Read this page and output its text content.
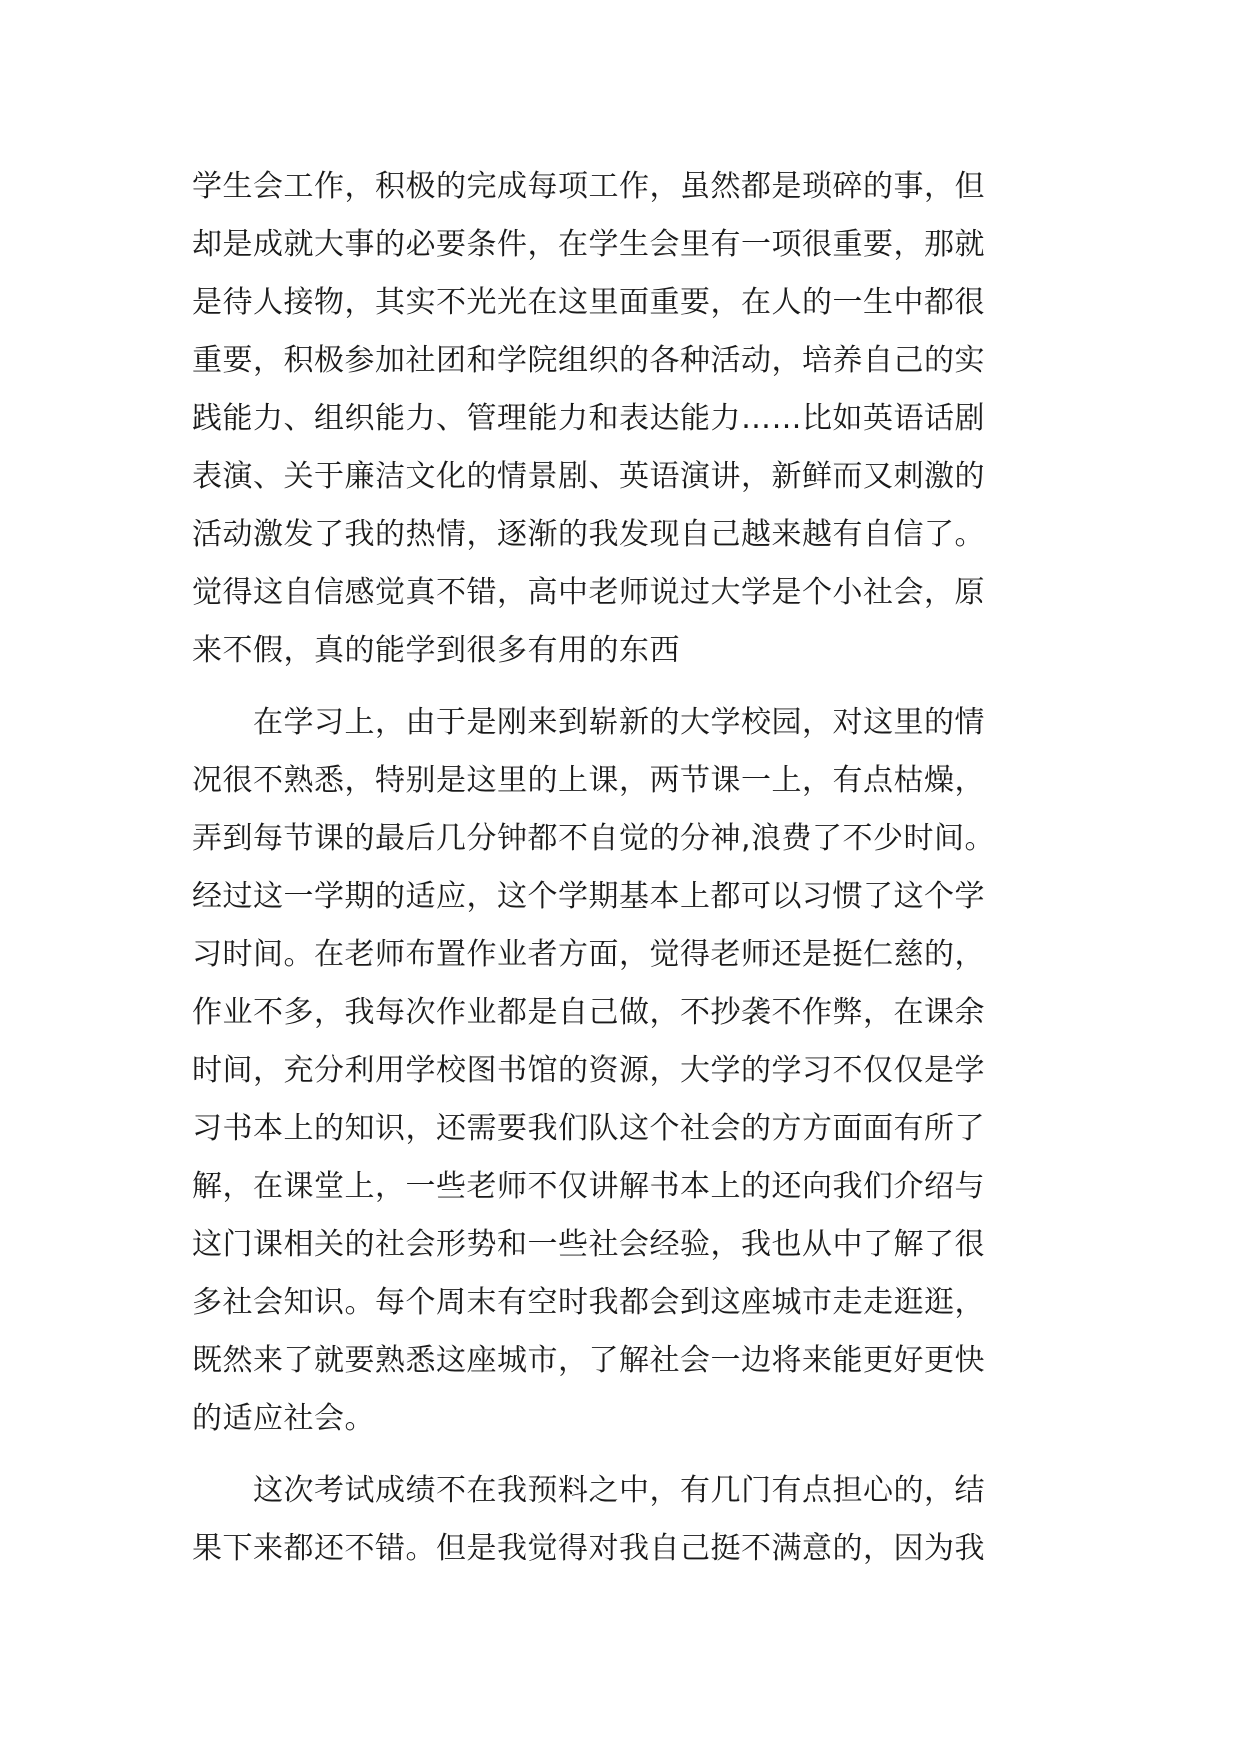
学生会工作，积极的完成每项工作，虽然都是琐碎的事，但
却是成就大事的必要条件，在学生会里有一项很重要，那就
是待人接物，其实不光光在这里面重要，在人的一生中都很
重要，积极参加社团和学院组织的各种活动，培养自己的实
践能力、组织能力、管理能力和表达能力……比如英语话剧
表演、关于廉洁文化的情景剧、英语演讲，新鲜而又刺激的
活动激发了我的热情，逐渐的我发现自己越来越有自信了。
觉得这自信感觉真不错，高中老师说过大学是个小社会，原
来不假，真的能学到很多有用的东西
　　在学习上，由于是刚来到崭新的大学校园，对这里的情
况很不熟悉，特别是这里的上课，两节课一上，有点枯燥，
弄到每节课的最后几分钟都不自觉的分神,浪费了不少时间。
经过这一学期的适应，这个学期基本上都可以习惯了这个学
习时间。在老师布置作业者方面，觉得老师还是挺仁慈的，
作业不多，我每次作业都是自己做，不抄袭不作弊，在课余
时间，充分利用学校图书馆的资源，大学的学习不仅仅是学
习书本上的知识，还需要我们队这个社会的方方面面有所了
解，在课堂上，一些老师不仅讲解书本上的还向我们介绍与
这门课相关的社会形势和一些社会经验，我也从中了解了很
多社会知识。每个周末有空时我都会到这座城市走走逛逛，
既然来了就要熟悉这座城市，了解社会一边将来能更好更快
的适应社会。
　　这次考试成绩不在我预料之中，有几门有点担心的，结
果下来都还不错。但是我觉得对我自己挺不满意的，因为我
